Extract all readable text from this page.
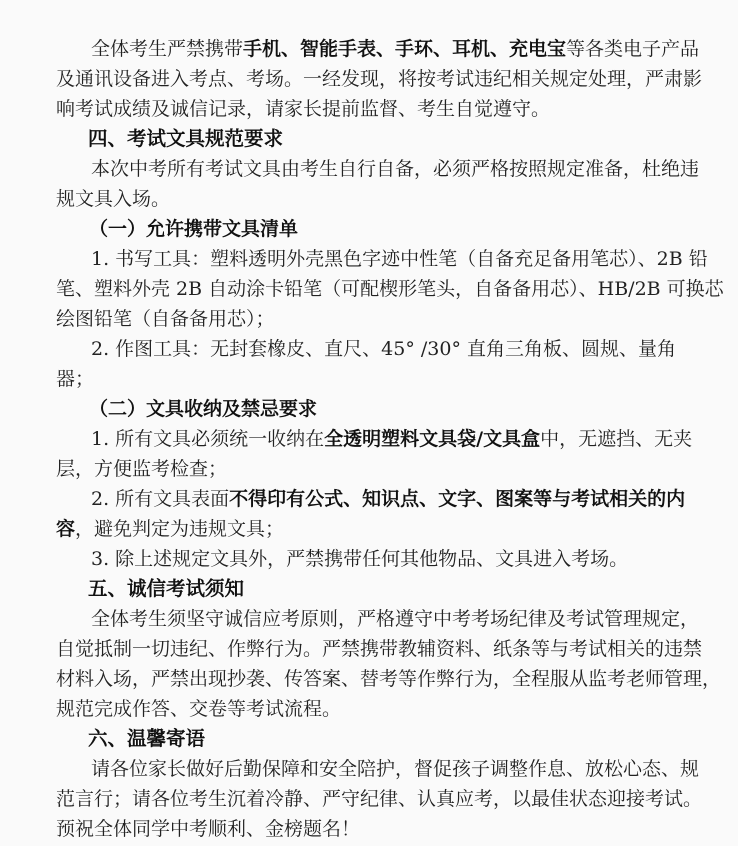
全体考生严禁携带手机、智能手表、手环、耳机、充电宝等各类电子产品
及通讯设备进入考点、考场。一经发现，将按考试违纪相关规定处理，严肃影
响考试成绩及诚信记录，请家长提前监督、考生自觉遵守。
四、考试文具规范要求
本次中考所有考试文具由考生自行自备，必须严格按照规定准备，杜绝违
规文具入场。
（一）允许携带文具清单
1. 书写工具：塑料透明外壳黑色字迹中性笔（自备充足备用笔芯）、2B 铅
笔、塑料外壳 2B 自动涂卡铅笔（可配楔形笔头，自备备用芯）、HB/2B 可换芯
绘图铅笔（自备备用芯）；
2. 作图工具：无封套橡皮、直尺、45° /30° 直角三角板、圆规、量角
器；
（二）文具收纳及禁忌要求
1. 所有文具必须统一收纳在全透明塑料文具袋/文具盒中，无遮挡、无夹
层，方便监考检查；
2. 所有文具表面不得印有公式、知识点、文字、图案等与考试相关的内
容，避免判定为违规文具；
3. 除上述规定文具外，严禁携带任何其他物品、文具进入考场。
五、诚信考试须知
全体考生须坚守诚信应考原则，严格遵守中考考场纪律及考试管理规定，
自觉抵制一切违纪、作弊行为。严禁携带教辅资料、纸条等与考试相关的违禁
材料入场，严禁出现抄袭、传答案、替考等作弊行为，全程服从监考老师管理，
规范完成作答、交卷等考试流程。
六、温馨寄语
请各位家长做好后勤保障和安全陪护，督促孩子调整作息、放松心态、规
范言行；请各位考生沉着冷静、严守纪律、认真应考，以最佳状态迎接考试。
预祝全体同学中考顺利、金榜题名！
